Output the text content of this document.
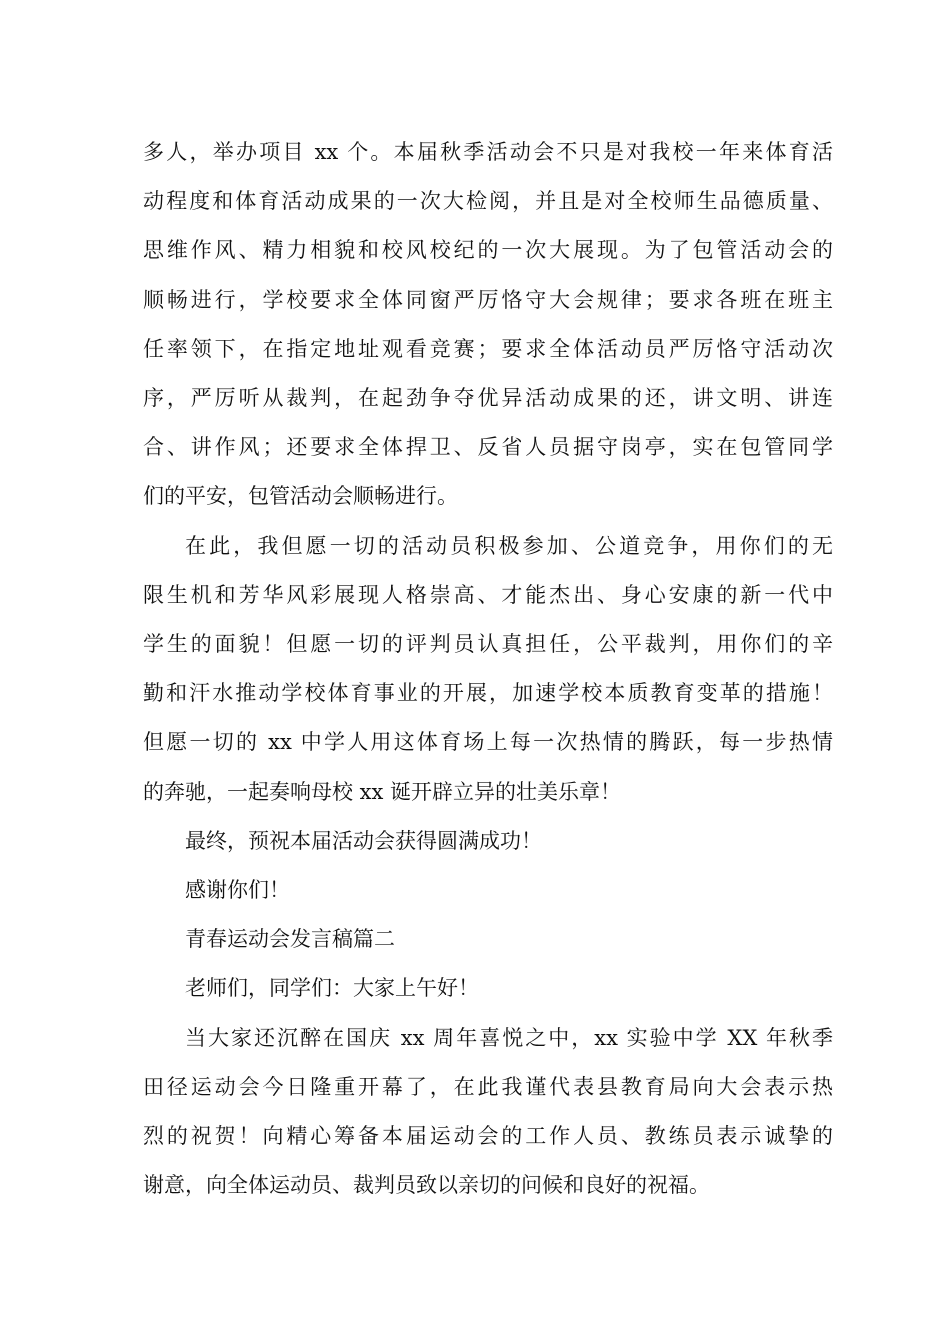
多人，举办项目 xx 个。本届秋季活动会不只是对我校一年来体育活
动程度和体育活动成果的一次大检阅，并且是对全校师生品德质量、
思维作风、精力相貌和校风校纪的一次大展现。为了包管活动会的
顺畅进行，学校要求全体同窗严厉恪守大会规律；要求各班在班主
任率领下，在指定地址观看竞赛；要求全体活动员严厉恪守活动次
序，严厉听从裁判，在起劲争夺优异活动成果的还，讲文明、讲连
合、讲作风；还要求全体捍卫、反省人员据守岗亭，实在包管同学
们的平安，包管活动会顺畅进行。
在此，我但愿一切的活动员积极参加、公道竞争，用你们的无
限生机和芳华风彩展现人格崇高、才能杰出、身心安康的新一代中
学生的面貌！但愿一切的评判员认真担任，公平裁判，用你们的辛
勤和汗水推动学校体育事业的开展，加速学校本质教育变革的措施！
但愿一切的 xx 中学人用这体育场上每一次热情的腾跃，每一步热情
的奔驰，一起奏响母校 xx 诞开辟立异的壮美乐章！

最终，预祝本届活动会获得圆满成功！

感谢你们！

青春运动会发言稿篇二

老师们，同学们：大家上午好！

当大家还沉醉在国庆 xx 周年喜悦之中，xx 实验中学 XX 年秋季
田径运动会今日隆重开幕了，在此我谨代表县教育局向大会表示热
烈的祝贺！向精心筹备本届运动会的工作人员、教练员表示诚挚的
谢意，向全体运动员、裁判员致以亲切的问候和良好的祝福。
